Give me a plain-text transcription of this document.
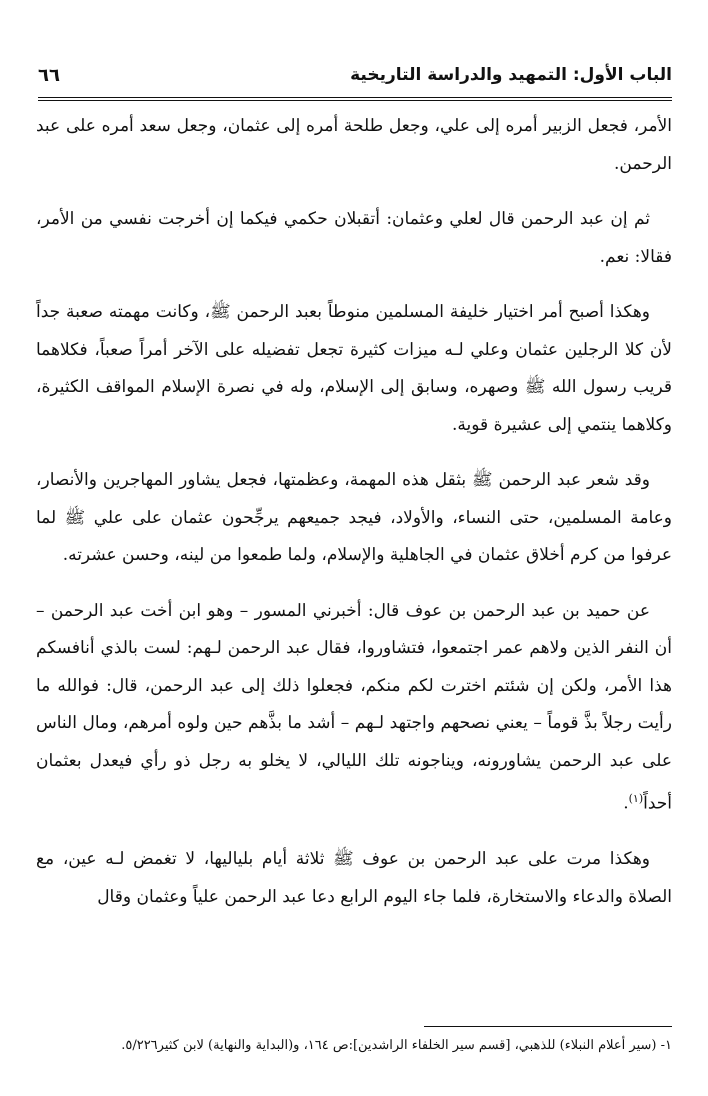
٦٦	الباب الأول: التمهيد والدراسة التاريخية

الأمر، فجعل الزبير أمره إلى علي، وجعل طلحة أمره إلى عثمان، وجعل سعد أمره على عبد الرحمن.

ثم إن عبد الرحمن قال لعلي وعثمان: أتقبلان حكمي فيكما إن أخرجت نفسي من الأمر، فقالا: نعم.

وهكذا أصبح أمر اختيار خليفة المسلمين منوطاً بعبد الرحمن ﷺ، وكانت مهمته صعبة جداً لأن كلا الرجلين عثمان وعلي لـه ميزات كثيرة تجعل تفضيله على الآخر أمراً صعباً، فكلاهما قريب رسول الله ﷺ وصهره، وسابق إلى الإسلام، وله في نصرة الإسلام المواقف الكثيرة، وكلاهما ينتمي إلى عشيرة قوية.

وقد شعر عبد الرحمن ﷺ بثقل هذه المهمة، وعظمتها، فجعل يشاور المهاجرين والأنصار، وعامة المسلمين، حتى النساء، والأولاد، فيجد جميعهم يرجِّحون عثمان على علي ﷺ لما عرفوا من كرم أخلاق عثمان في الجاهلية والإسلام، ولما طمعوا من لينه، وحسن عشرته.

عن حميد بن عبد الرحمن بن عوف قال: أخبرني المسور – وهو ابن أخت عبد الرحمن – أن النفر الذين ولاهم عمر اجتمعوا، فتشاوروا، فقال عبد الرحمن لـهم: لست بالذي أنافسكم هذا الأمر، ولكن إن شئتم اخترت لكم منكم، فجعلوا ذلك إلى عبد الرحمن، قال: فوالله ما رأيت رجلاً بذَّ قوماً – يعني نصحهم واجتهد لـهم – أشد ما بذَّهم حين ولوه أمرهم، ومال الناس على عبد الرحمن يشاورونه، ويناجونه تلك الليالي، لا يخلو به رجل ذو رأي فيعدل بعثمان أحداً$^{(١)}$.

وهكذا مرت على عبد الرحمن بن عوف ﷺ ثلاثة أيام بلياليها، لا تغمض لـه عين، مع الصلاة والدعاء والاستخارة، فلما جاء اليوم الرابع دعا عبد الرحمن علياً وعثمان وقال

١- (سير أعلام النبلاء) للذهبي، [قسم سير الخلفاء الراشدين]:ص ١٦٤، و(البداية والنهاية) لابن كثير٥/٢٢٦.
